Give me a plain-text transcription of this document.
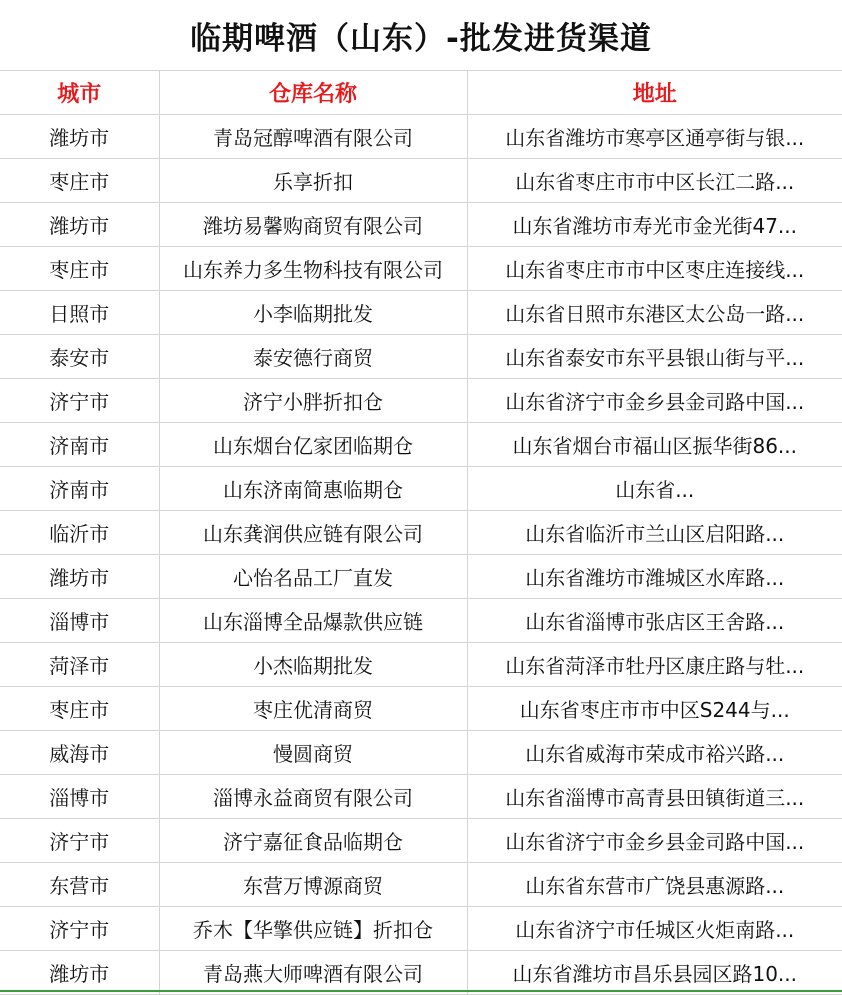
临期啤酒（山东）-批发进货渠道
城市	仓库名称	地址
潍坊市	青岛冠醇啤酒有限公司	山东省潍坊市寒亭区通亭街与银...
枣庄市	乐享折扣	山东省枣庄市市中区长江二路...
潍坊市	潍坊易馨购商贸有限公司	山东省潍坊市寿光市金光街47...
枣庄市	山东养力多生物科技有限公司	山东省枣庄市市中区枣庄连接线...
日照市	小李临期批发	山东省日照市东港区太公岛一路...
泰安市	泰安德行商贸	山东省泰安市东平县银山街与平...
济宁市	济宁小胖折扣仓	山东省济宁市金乡县金司路中国...
济南市	山东烟台亿家团临期仓	山东省烟台市福山区振华街86...
济南市	山东济南简惠临期仓	山东省...
临沂市	山东龚润供应链有限公司	山东省临沂市兰山区启阳路...
潍坊市	心怡名品工厂直发	山东省潍坊市潍城区水库路...
淄博市	山东淄博全品爆款供应链	山东省淄博市张店区王舍路...
菏泽市	小杰临期批发	山东省菏泽市牡丹区康庄路与牡...
枣庄市	枣庄优清商贸	山东省枣庄市市中区S244与...
威海市	慢圆商贸	山东省威海市荣成市裕兴路...
淄博市	淄博永益商贸有限公司	山东省淄博市高青县田镇街道三...
济宁市	济宁嘉征食品临期仓	山东省济宁市金乡县金司路中国...
东营市	东营万博源商贸	山东省东营市广饶县惠源路...
济宁市	乔木【华擎供应链】折扣仓	山东省济宁市任城区火炬南路...
潍坊市	青岛燕大师啤酒有限公司	山东省潍坊市昌乐县园区路10...
